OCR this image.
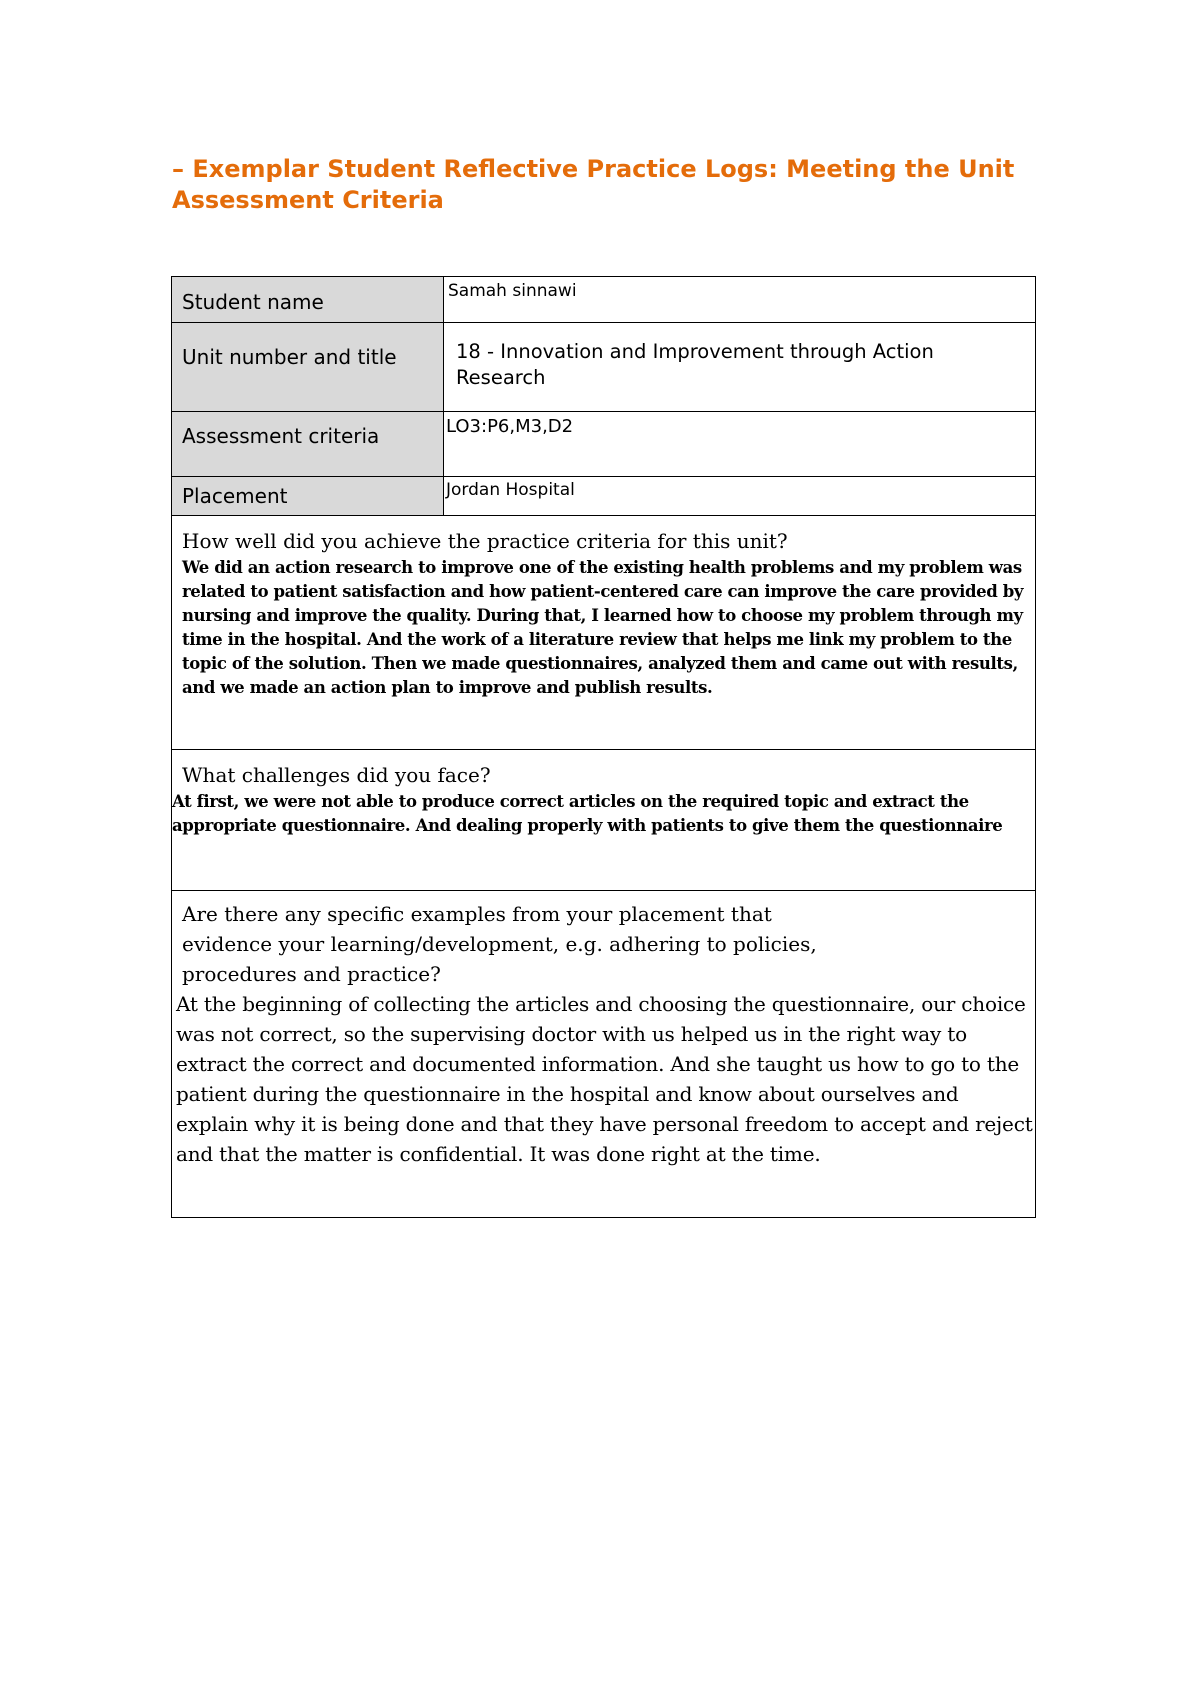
– Exemplar Student Reflective Practice Logs: Meeting the Unit Assessment Criteria
Student name	Samah sinnawi
Unit number and title	18 - Innovation and Improvement through Action Research
Assessment criteria	LO3:P6,M3,D2
Placement	Jordan Hospital

How well did you achieve the practice criteria for this unit?
We did an action research to improve one of the existing health problems and my problem was related to patient satisfaction and how patient-centered care can improve the care provided by nursing and improve the quality. During that, I learned how to choose my problem through my time in the hospital. And the work of a literature review that helps me link my problem to the topic of the solution. Then we made questionnaires, analyzed them and came out with results, and we made an action plan to improve and publish results.	

What challenges did you face?
At first, we were not able to produce correct articles on the required topic and extract the appropriate questionnaire. And dealing properly with patients to give them the questionnaire	

Are there any specific examples from your placement that evidence your learning/development, e.g. adhering to policies, procedures and practice?
At the beginning of collecting the articles and choosing the questionnaire, our choice was not correct, so the supervising doctor with us helped us in the right way to extract the correct and documented information. And she taught us how to go to the patient during the questionnaire in the hospital and know about ourselves and explain why it is being done and that they have personal freedom to accept and reject and that the matter is confidential. It was done right at the time.	
